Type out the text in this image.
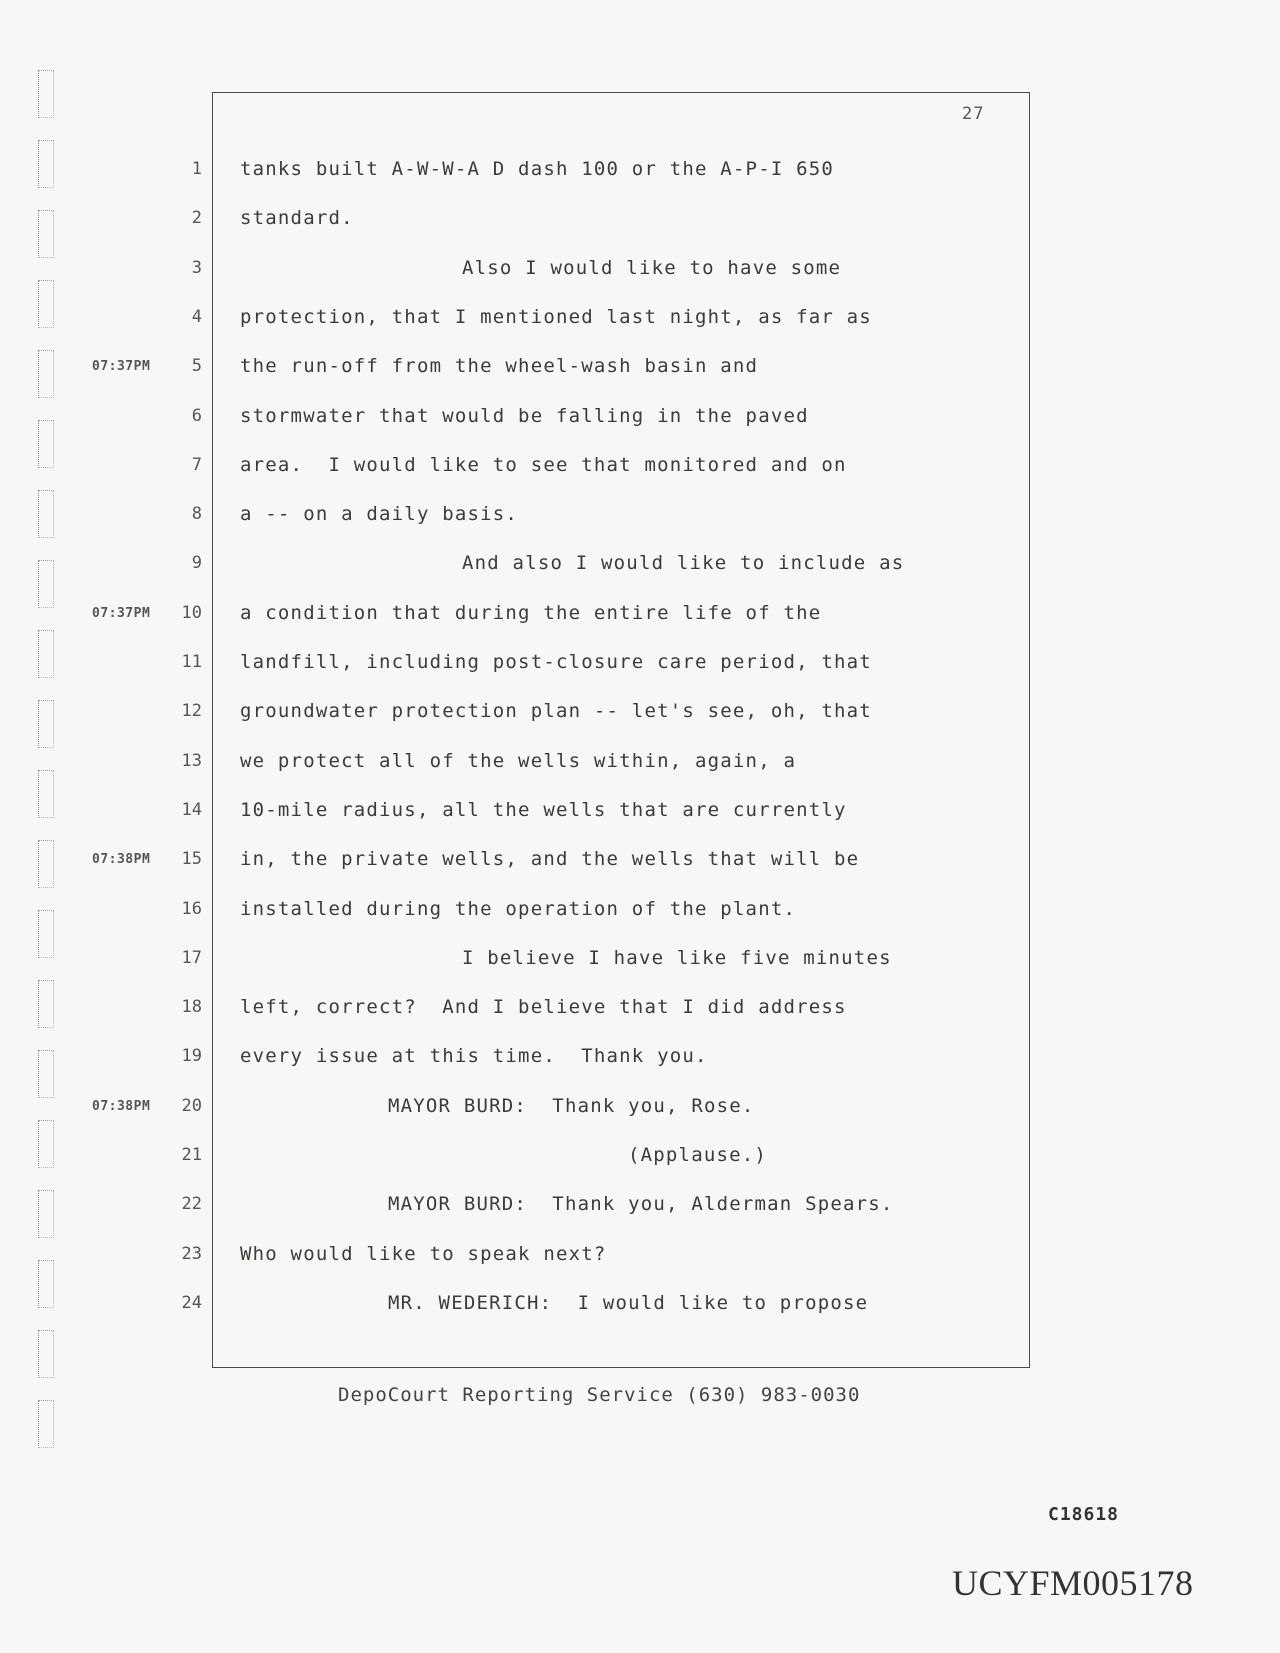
27
1 tanks built A-W-W-A D dash 100 or the A-P-I 650
2 standard.
3	Also I would like to have some
4 protection, that I mentioned last night, as far as
07:37PM	5 the run-off from the wheel-wash basin and
6 stormwater that would be falling in the paved
7 area.  I would like to see that monitored and on
8 a -- on a daily basis.
9	And also I would like to include as
07:37PM	10 a condition that during the entire life of the
11 landfill, including post-closure care period, that
12 groundwater protection plan -- let's see, oh, that
13 we protect all of the wells within, again, a
14 10-mile radius, all the wells that are currently
07:38PM	15 in, the private wells, and the wells that will be
16 installed during the operation of the plant.
17	I believe I have like five minutes
18 left, correct?  And I believe that I did address
19 every issue at this time.  Thank you.
07:38PM	20	MAYOR BURD:  Thank you, Rose.
21	(Applause.)
22	MAYOR BURD:  Thank you, Alderman Spears.
23 Who would like to speak next?
24	MR. WEDERICH:  I would like to propose
DepoCourt Reporting Service (630) 983-0030
C18618
UCYFM005178
